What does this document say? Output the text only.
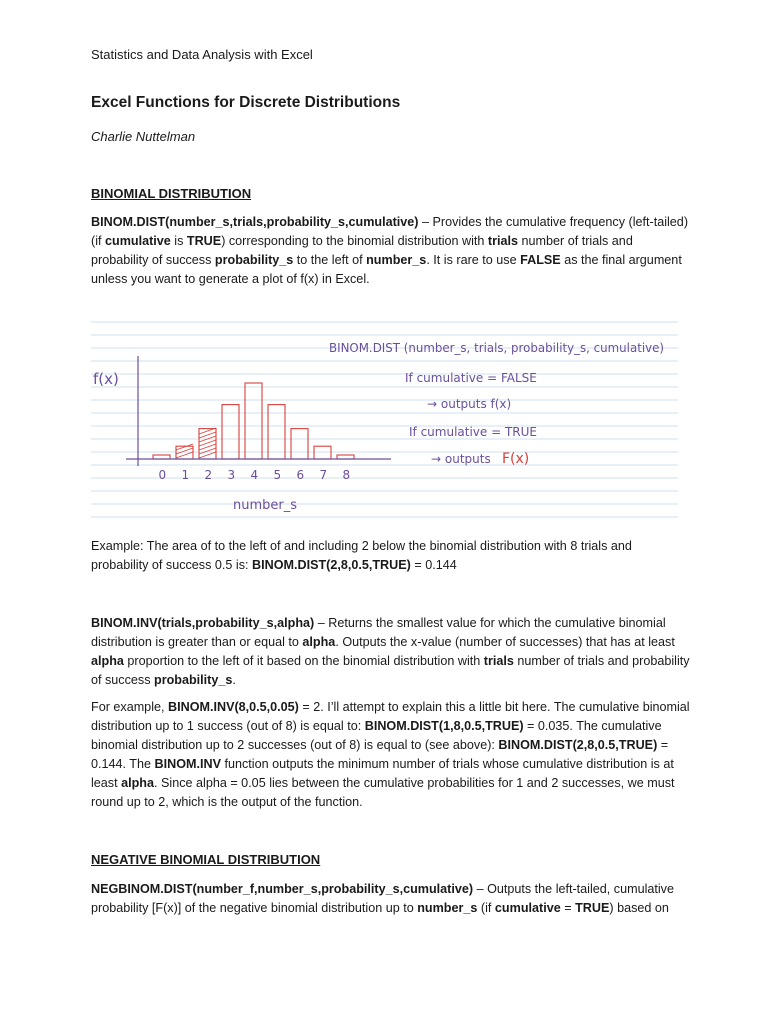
Statistics and Data Analysis with Excel
Excel Functions for Discrete Distributions
Charlie Nuttelman
BINOMIAL DISTRIBUTION
BINOM.DIST(number_s,trials,probability_s,cumulative) – Provides the cumulative frequency (left-tailed) (if cumulative is TRUE) corresponding to the binomial distribution with trials number of trials and probability of success probability_s to the left of number_s. It is rare to use FALSE as the final argument unless you want to generate a plot of f(x) in Excel.
f(x)
0 1 2 3 4 5 6 7 8
number_s
BINOM.DIST (number_s, trials, probability_s, cumulative)
If cumulative = FALSE
→ outputs f(x)
If cumulative = TRUE
→ outputs F(x)
Example: The area of to the left of and including 2 below the binomial distribution with 8 trials and probability of success 0.5 is: BINOM.DIST(2,8,0.5,TRUE) = 0.144
BINOM.INV(trials,probability_s,alpha) – Returns the smallest value for which the cumulative binomial distribution is greater than or equal to alpha. Outputs the x-value (number of successes) that has at least alpha proportion to the left of it based on the binomial distribution with trials number of trials and probability of success probability_s.
For example, BINOM.INV(8,0.5,0.05) = 2. I’ll attempt to explain this a little bit here. The cumulative binomial distribution up to 1 success (out of 8) is equal to: BINOM.DIST(1,8,0.5,TRUE) = 0.035. The cumulative binomial distribution up to 2 successes (out of 8) is equal to (see above): BINOM.DIST(2,8,0.5,TRUE) = 0.144. The BINOM.INV function outputs the minimum number of trials whose cumulative distribution is at least alpha. Since alpha = 0.05 lies between the cumulative probabilities for 1 and 2 successes, we must round up to 2, which is the output of the function.
NEGATIVE BINOMIAL DISTRIBUTION
NEGBINOM.DIST(number_f,number_s,probability_s,cumulative) – Outputs the left-tailed, cumulative probability [F(x)] of the negative binomial distribution up to number_s (if cumulative = TRUE) based on
